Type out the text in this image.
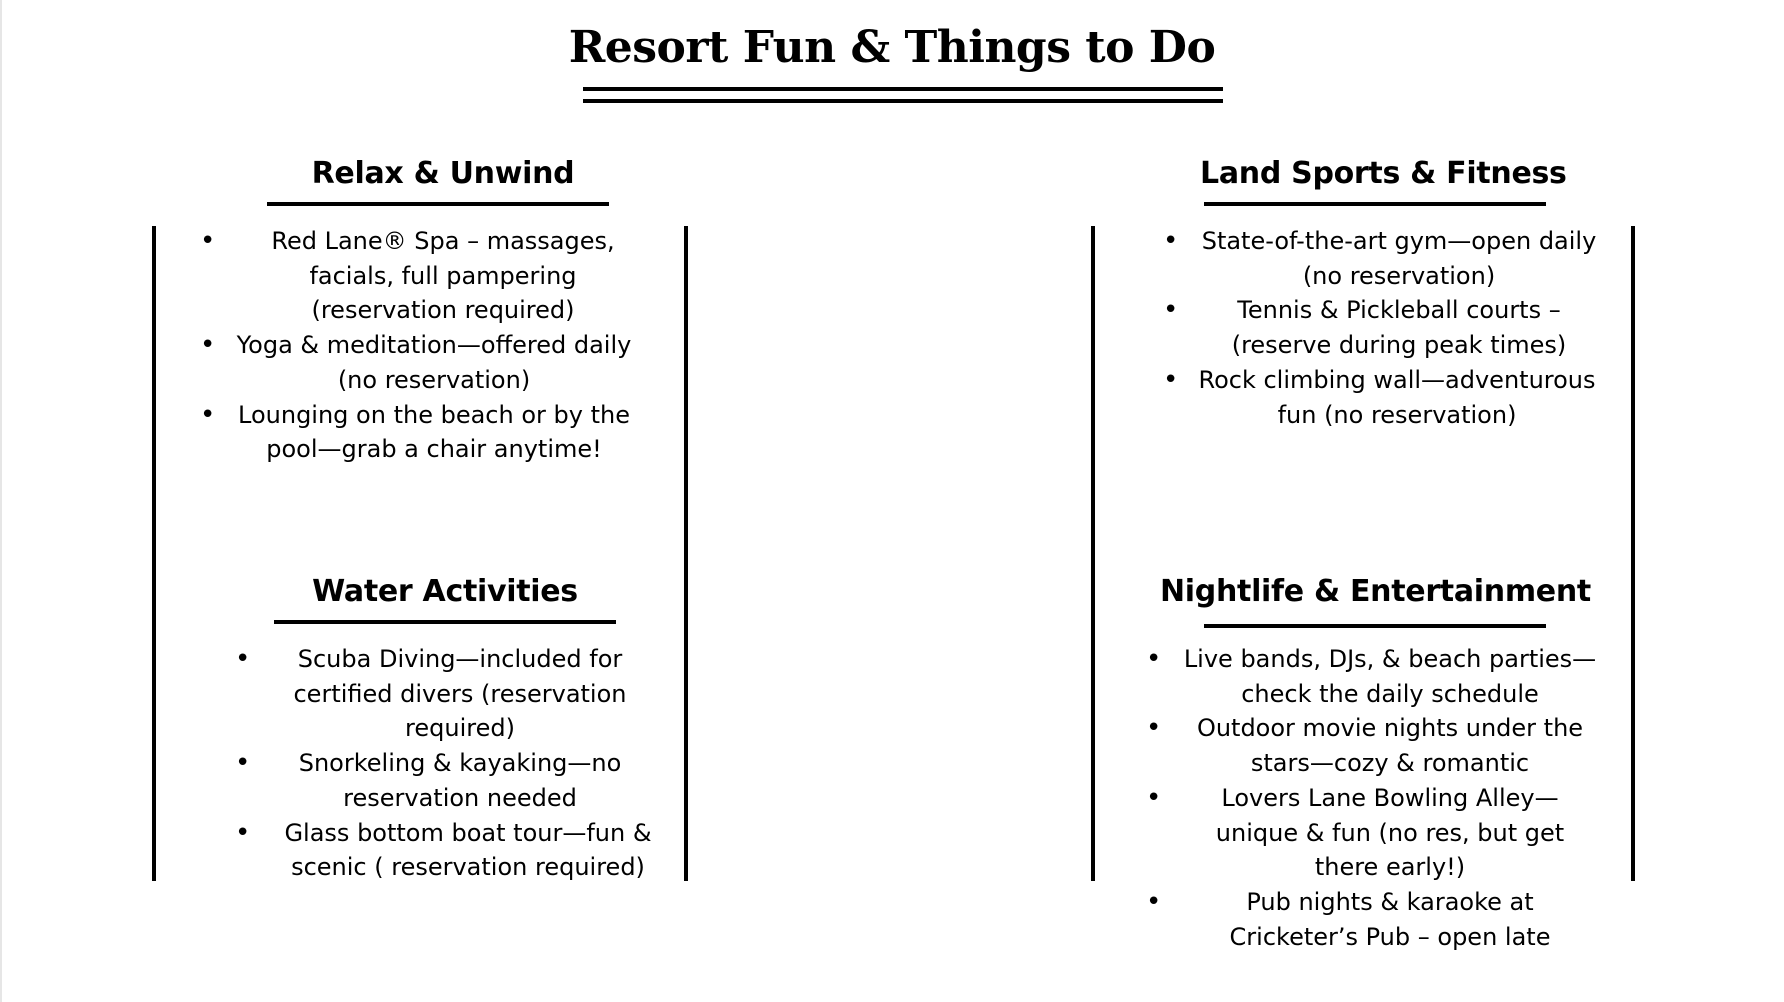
Resort Fun & Things to Do
Relax & Unwind
• Red Lane® Spa – massages, facials, full pampering (reservation required)
• Yoga & meditation—offered daily (no reservation)
• Lounging on the beach or by the pool—grab a chair anytime!
Land Sports & Fitness
• State-of-the-art gym—open daily (no reservation)
• Tennis & Pickleball courts – (reserve during peak times)
• Rock climbing wall—adventurous fun (no reservation)
Water Activities
• Scuba Diving—included for certified divers (reservation required)
• Snorkeling & kayaking—no reservation needed
• Glass bottom boat tour—fun & scenic ( reservation required)
Nightlife & Entertainment
• Live bands, DJs, & beach parties—check the daily schedule
• Outdoor movie nights under the stars—cozy & romantic
•	Lovers Lane Bowling Alley—unique & fun (no res, but get there early!)
•	Pub nights & karaoke at Cricketer’s Pub – open late
